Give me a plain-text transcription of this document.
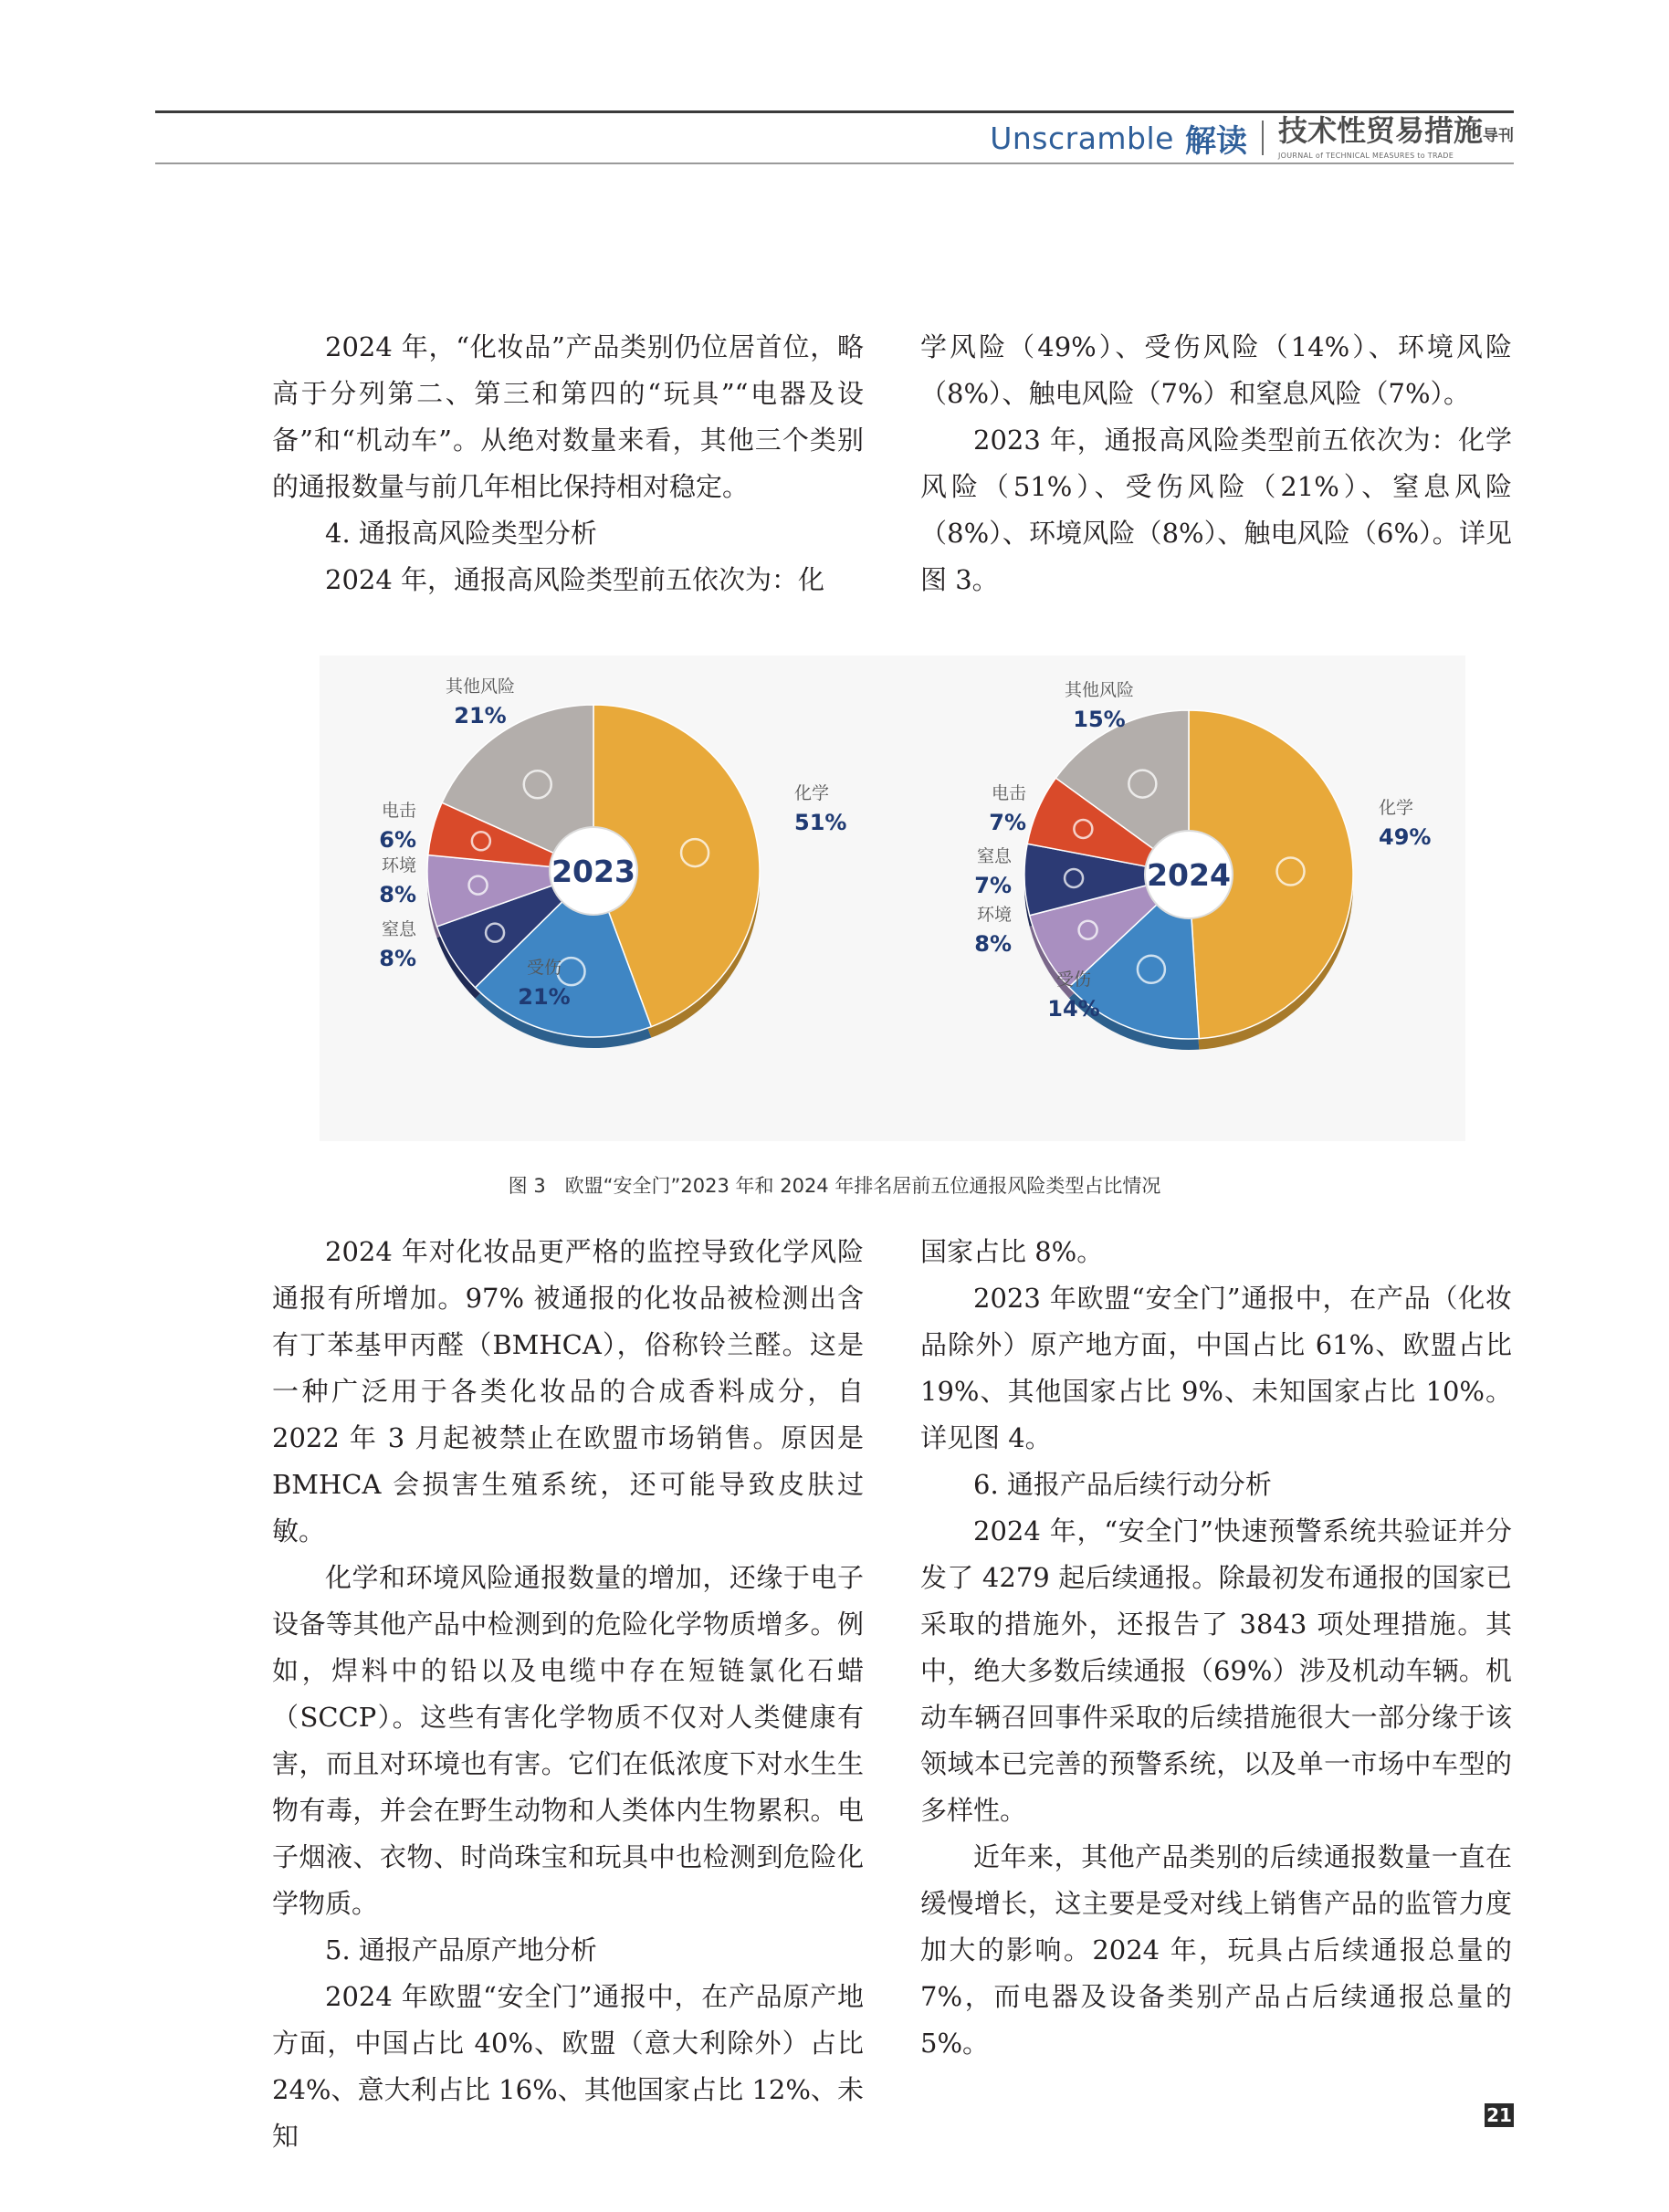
Unscramble 解读 技术性贸易措施导刊
JOURNAL of TECHNICAL MEASURES to TRADE

2024 年，“化妆品”产品类别仍位居首位，略高于分列第二、第三和第四的“玩具”“电器及设备”和“机动车”。从绝对数量来看，其他三个类别的通报数量与前几年相比保持相对稳定。

4. 通报高风险类型分析

2024 年，通报高风险类型前五依次为：化

学风险（49%）、受伤风险（14%）、环境风险（8%）、触电风险（7%）和窒息风险（7%）。

2023 年，通报高风险类型前五依次为：化学风险（51%）、受伤风险（21%）、窒息风险（8%）、环境风险（8%）、触电风险（6%）。详见图 3。

2023
化学
51%
受伤
21%
窒息
8%
环境
8%
电击
6%
其他风险
21%
2024
化学
49%
受伤
14%
环境
8%
窒息
7%
电击
7%
其他风险
15%
图 3　欧盟“安全门”2023 年和 2024 年排名居前五位通报风险类型占比情况

2024 年对化妆品更严格的监控导致化学风险通报有所增加。97% 被通报的化妆品被检测出含有丁苯基甲丙醛（BMHCA），俗称铃兰醛。这是一种广泛用于各类化妆品的合成香料成分，自 2022 年 3 月起被禁止在欧盟市场销售。原因是 BMHCA 会损害生殖系统，还可能导致皮肤过敏。

化学和环境风险通报数量的增加，还缘于电子设备等其他产品中检测到的危险化学物质增多。例如，焊料中的铅以及电缆中存在短链氯化石蜡（SCCP）。这些有害化学物质不仅对人类健康有害，而且对环境也有害。它们在低浓度下对水生生物有毒，并会在野生动物和人类体内生物累积。电子烟液、衣物、时尚珠宝和玩具中也检测到危险化学物质。

5. 通报产品原产地分析

2024 年欧盟“安全门”通报中，在产品原产地方面，中国占比 40%、欧盟（意大利除外）占比 24%、意大利占比 16%、其他国家占比 12%、未知

国家占比 8%。

2023 年欧盟“安全门”通报中，在产品（化妆品除外）原产地方面，中国占比 61%、欧盟占比 19%、其他国家占比 9%、未知国家占比 10%。详见图 4。

6. 通报产品后续行动分析

2024 年，“安全门”快速预警系统共验证并分发了 4279 起后续通报。除最初发布通报的国家已采取的措施外，还报告了 3843 项处理措施。其中，绝大多数后续通报（69%）涉及机动车辆。机动车辆召回事件采取的后续措施很大一部分缘于该领域本已完善的预警系统，以及单一市场中车型的多样性。

近年来，其他产品类别的后续通报数量一直在缓慢增长，这主要是受对线上销售产品的监管力度加大的影响。2024 年，玩具占后续通报总量的 7%，而电器及设备类别产品占后续通报总量的 5%。

21
